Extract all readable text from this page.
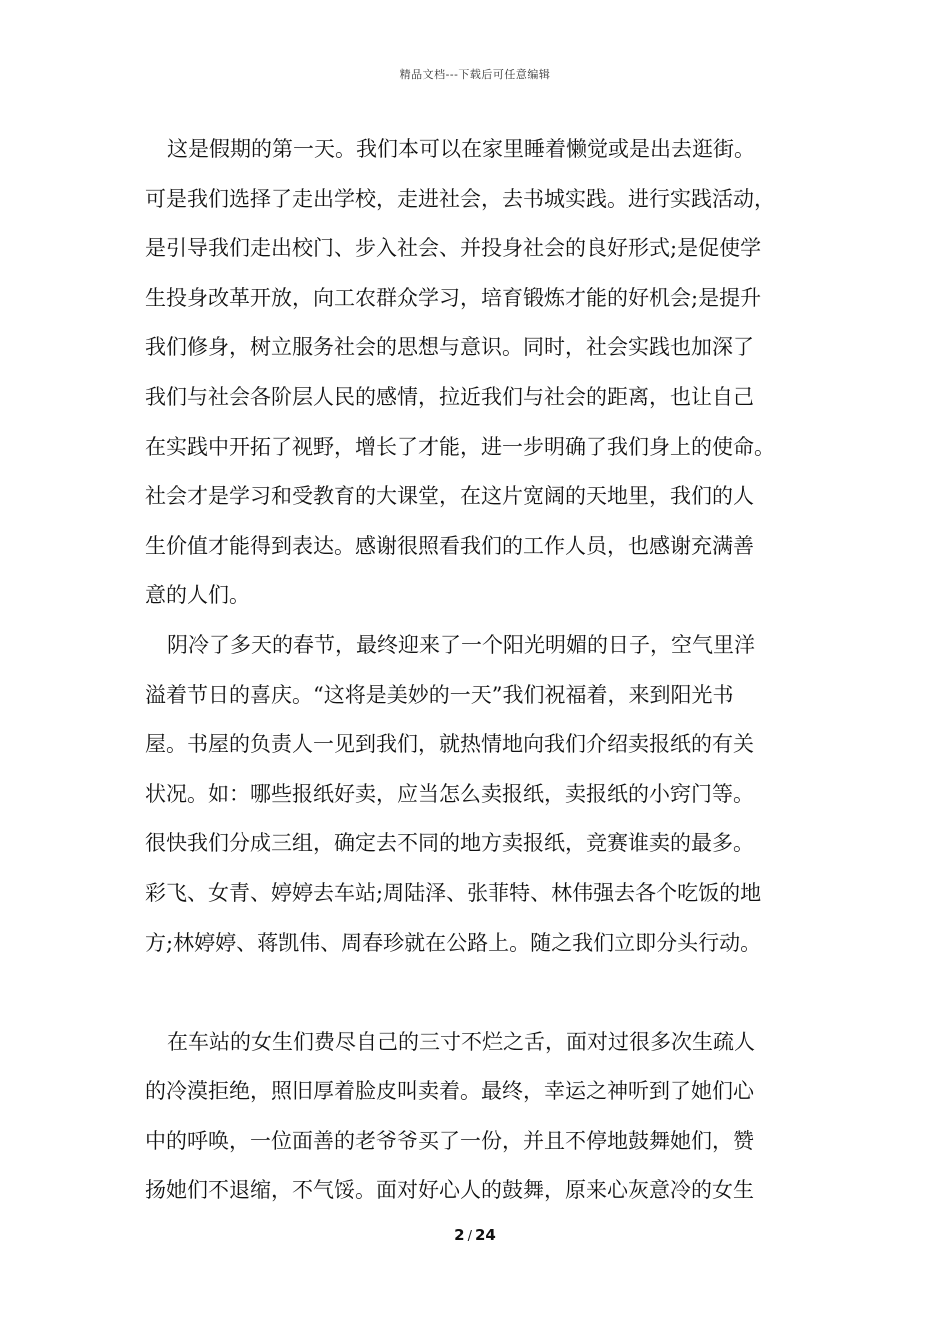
精品文档---下载后可任意编辑
这是假期的第一天。我们本可以在家里睡着懒觉或是出去逛街。
可是我们选择了走出学校，走进社会，去书城实践。进行实践活动，
是引导我们走出校门、步入社会、并投身社会的良好形式;是促使学
生投身改革开放，向工农群众学习，培育锻炼才能的好机会;是提升
我们修身，树立服务社会的思想与意识。同时，社会实践也加深了
我们与社会各阶层人民的感情，拉近我们与社会的距离，也让自己
在实践中开拓了视野，增长了才能，进一步明确了我们身上的使命。
社会才是学习和受教育的大课堂，在这片宽阔的天地里，我们的人
生价值才能得到表达。感谢很照看我们的工作人员，也感谢充满善
意的人们。
阴冷了多天的春节，最终迎来了一个阳光明媚的日子，空气里洋
溢着节日的喜庆。“这将是美妙的一天”我们祝福着，来到阳光书
屋。书屋的负责人一见到我们，就热情地向我们介绍卖报纸的有关
状况。如：哪些报纸好卖，应当怎么卖报纸，卖报纸的小窍门等。
很快我们分成三组，确定去不同的地方卖报纸，竞赛谁卖的最多。
彩飞、女青、婷婷去车站;周陆泽、张菲特、林伟强去各个吃饭的地
方;林婷婷、蒋凯伟、周春珍就在公路上。随之我们立即分头行动。
在车站的女生们费尽自己的三寸不烂之舌，面对过很多次生疏人
的冷漠拒绝，照旧厚着脸皮叫卖着。最终，幸运之神听到了她们心
中的呼唤，一位面善的老爷爷买了一份，并且不停地鼓舞她们，赞
扬她们不退缩，不气馁。面对好心人的鼓舞，原来心灰意冷的女生
2 / 24
